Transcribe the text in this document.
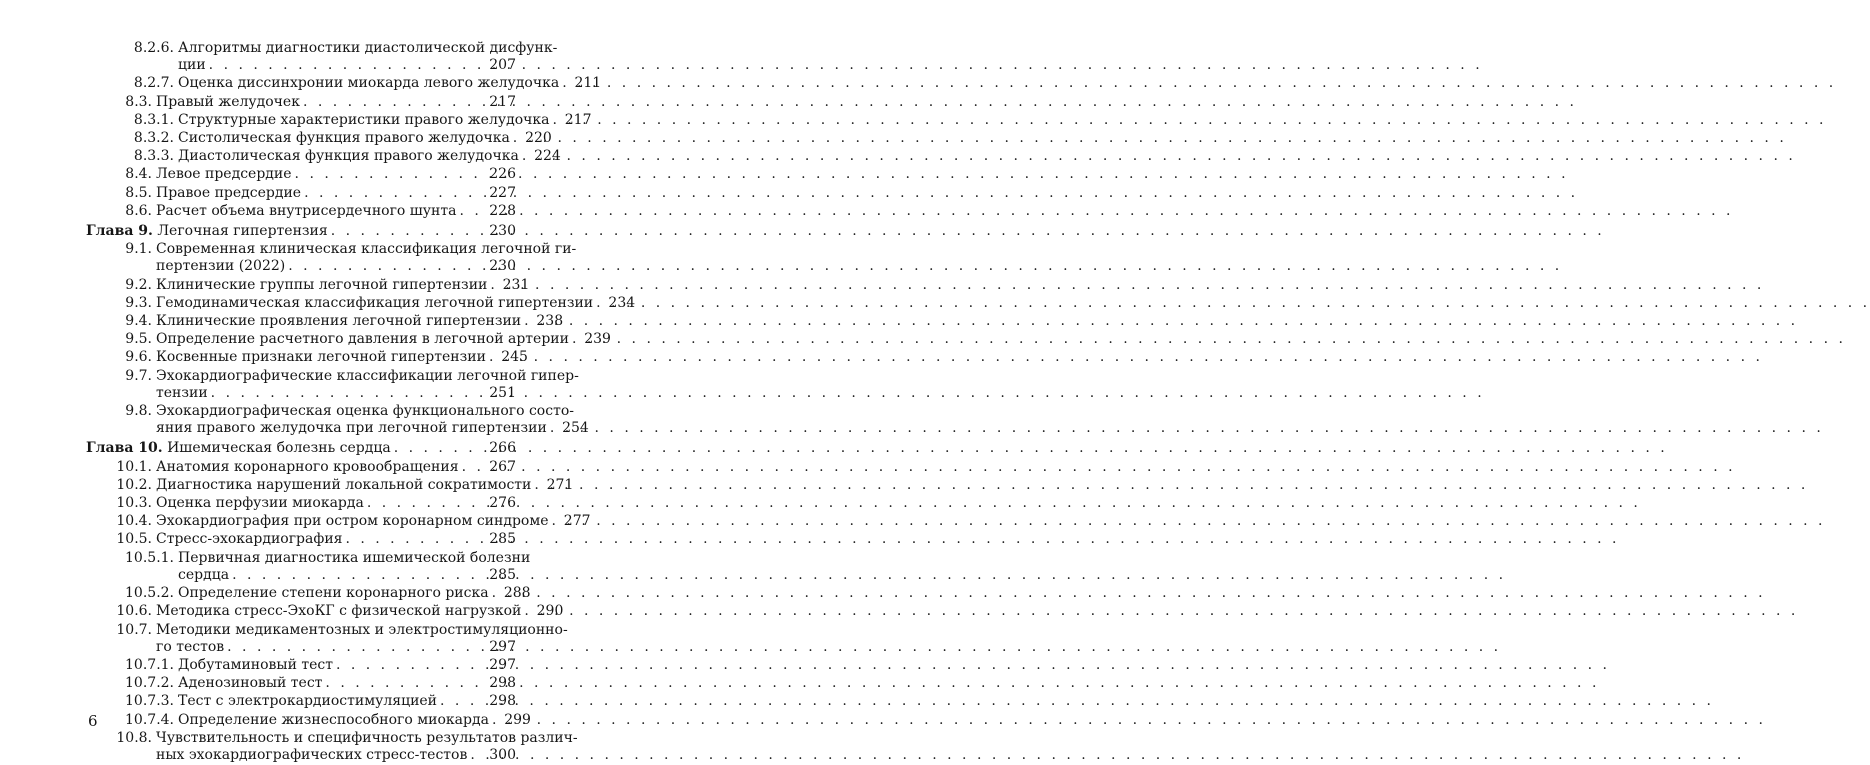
8.2.6. Алгоритмы диагностики диастолической дисфунк-
ции . . .	207
8.2.7. Оценка диссинхронии миокарда левого желудочка . . . 211
8.3. Правый желудочек . . .	217
8.3.1. Структурные характеристики правого желудочка . . . 217
8.3.2. Систолическая функция правого желудочка . . . 220
8.3.3. Диастолическая функция правого желудочка . . . 224
8.4. Левое предсердие . . .	226
8.5. Правое предсердие . . .	227
8.6. Расчет объема внутрисердечного шунта . . . 228
Глава 9.
Легочная гипертензия . . .	230
9.1. Современная клиническая классификация легочной ги-
пертензии (2022) . . .	230
9.2. Клинические группы легочной гипертензии . . . 231
9.3. Гемодинамическая классификация легочной гипертензии . . . 234
9.4. Клинические проявления легочной гипертензии . . . 238
9.5. Определение расчетного давления в легочной артерии . . . 239
9.6. Косвенные признаки легочной гипертензии . . . 245
9.7. Эхокардиографические классификации легочной гипер-
тензии . . .	251
9.8. Эхокардиографическая оценка функционального состо-
яния правого желудочка при легочной гипертензии . . . 254
Глава 10.
Ишемическая болезнь сердца . . .	266
10.1. Анатомия коронарного кровообращения . . . 267
10.2. Диагностика нарушений локальной сократимости . . . 271
10.3. Оценка перфузии миокарда . . .	276
10.4. Эхокардиография при остром коронарном синдроме . . . 277
10.5. Стресс-эхокардиография . . .	285
10.5.1. Первичная диагностика ишемической болезни
сердца . . .	285
10.5.2. Определение степени коронарного риска . . . 288
10.6. Методика стресс-ЭхоКГ с физической нагрузкой . . . 290
10.7. Методики медикаментозных и электростимуляционно-
го тестов . . .	297
10.7.1. Добутаминовый тест . . .	297
10.7.2. Аденозиновый тест . . .	298
10.7.3. Тест с электрокардиостимуляцией . . .	298
10.7.4. Определение жизнеспособного миокарда . . . 299
10.8. Чувствительность и специфичность результатов различ-
ных эхокардиографических стресс-тестов . . . 300
6
